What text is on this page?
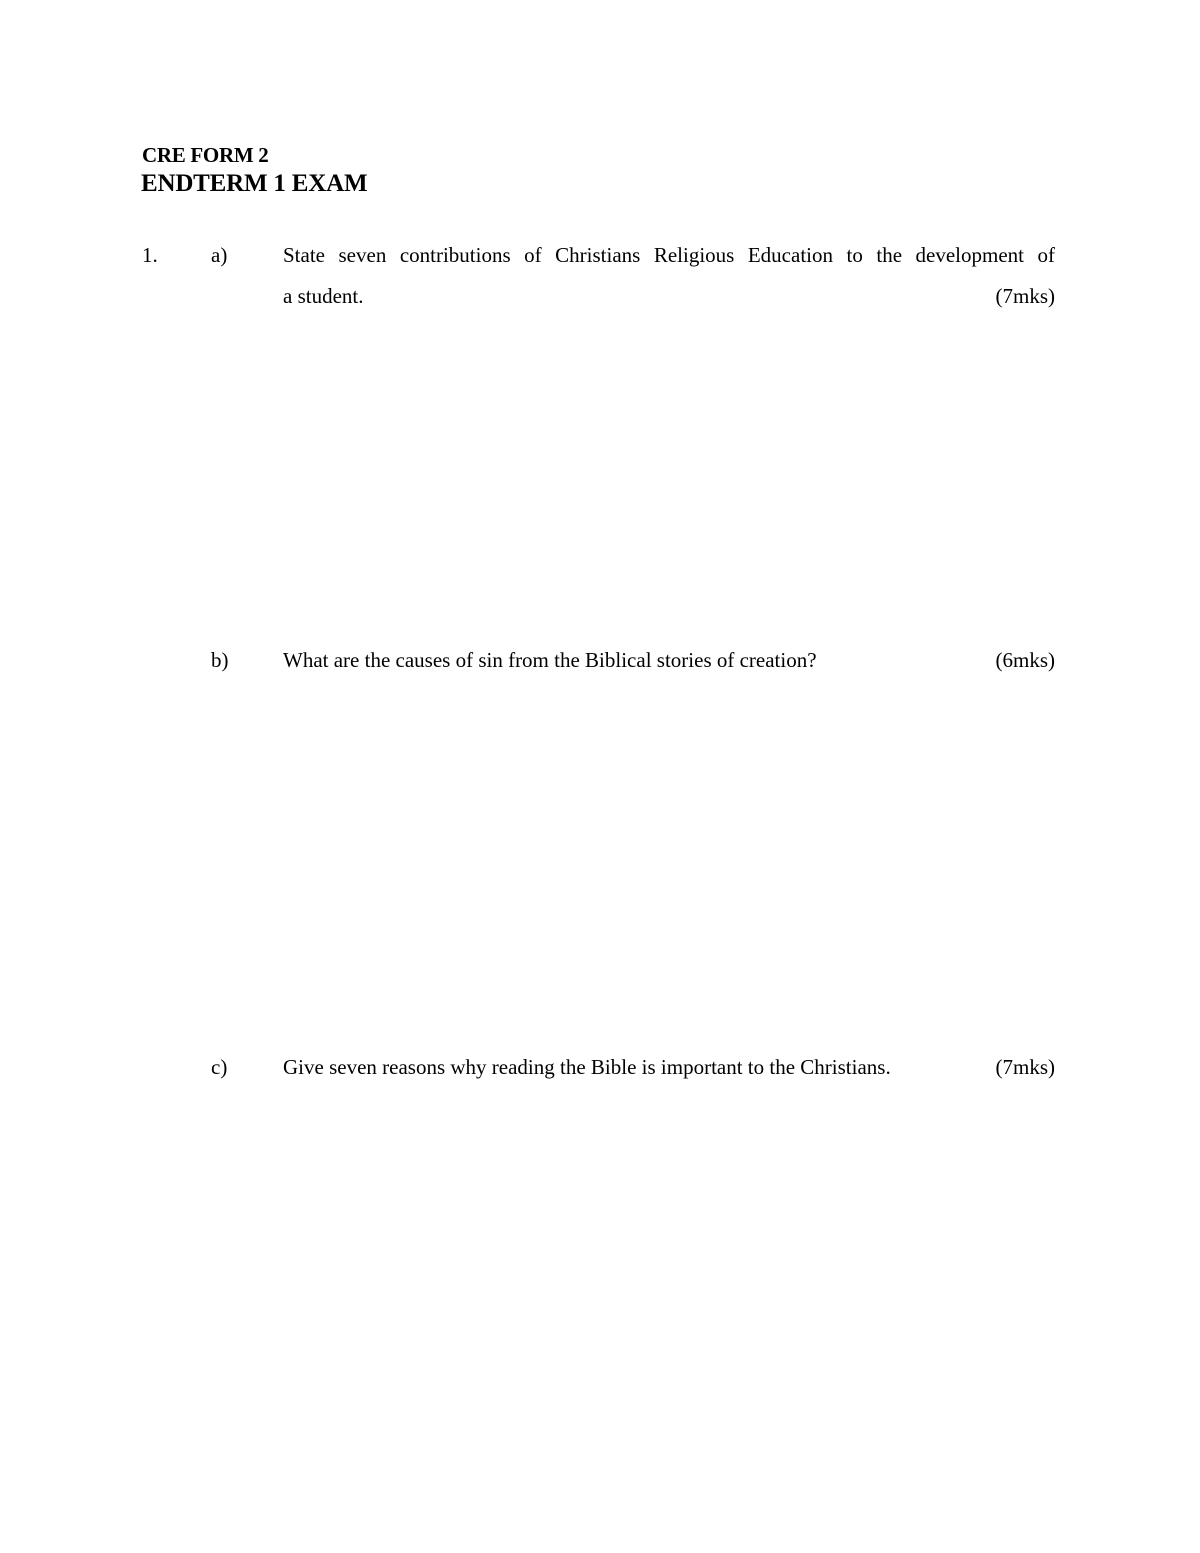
CRE FORM 2
ENDTERM 1 EXAM
1.	a)	State seven contributions of Christians Religious Education to the development of
a student.	(7mks)
b)	What are the causes of sin from the Biblical stories of creation?	(6mks)
c)	Give seven reasons why reading the Bible is important to the Christians.	(7mks)
